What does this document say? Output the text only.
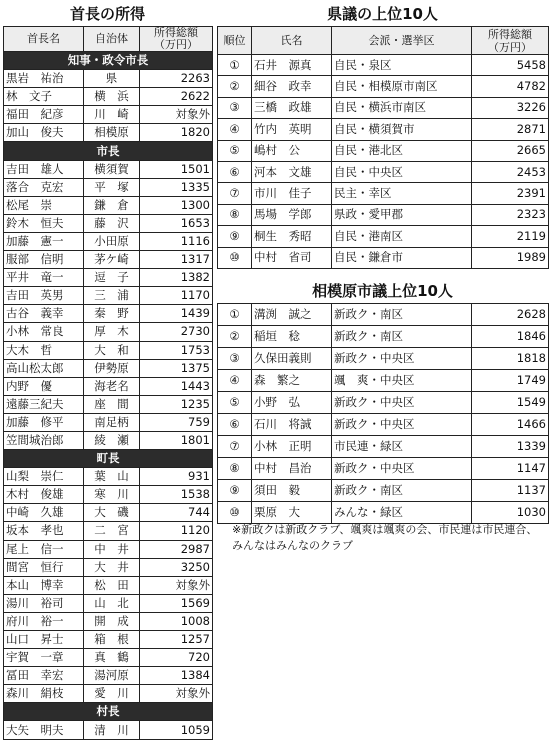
首長の所得
首長名	自治体	所得総額
（万円）
知事・政令市長		
黒岩　祐治	県	2263
林　文子	横　浜	2622
福田　紀彦	川　崎	対象外
加山　俊夫	相模原	1820
市長		
吉田　雄人	横須賀	1501
落合　克宏	平　塚	1335
松尾　崇	鎌　倉	1300
鈴木　恒夫	藤　沢	1653
加藤　憲一	小田原	1116
服部　信明	茅ケ崎	1317
平井　竜一	逗　子	1382
吉田　英男	三　浦	1170
古谷　義幸	秦　野	1439
小林　常良	厚　木	2730
大木　哲	大　和	1753
高山松太郎	伊勢原	1375
内野　優	海老名	1443
遠藤三紀夫	座　間	1235
加藤　修平	南足柄	759
笠間城治郎	綾　瀬	1801
町長		
山梨　崇仁	葉　山	931
木村　俊雄	寒　川	1538
中崎　久雄	大　磯	744
坂本　孝也	二　宮	1120
尾上　信一	中　井	2987
間宮　恒行	大　井	3250
本山　博幸	松　田	対象外
湯川　裕司	山　北	1569
府川　裕一	開　成	1008
山口　昇士	箱　根	1257
宇賀　一章	真　鶴	720
冨田　幸宏	湯河原	1384
森川　絹枝	愛　川	対象外
村長		
大矢　明夫	清　川	1059
県議の上位10人
順位	氏名	会派・選挙区	所得総額
（万円）
①	石井　源真	自民・泉区	5458
②	細谷　政幸	自民・相模原市南区	4782
③	三橋　政雄	自民・横浜市南区	3226
④	竹内　英明	自民・横須賀市	2871
⑤	嶋村　公	自民・港北区	2665
⑥	河本　文雄	自民・中央区	2453
⑦	市川　佳子	民主・幸区	2391
⑧	馬場　学郎	県政・愛甲郡	2323
⑨	桐生　秀昭	自民・港南区	2119
⑩	中村　省司	自民・鎌倉市	1989
相模原市議上位10人
①	溝渕　誠之	新政ク・南区	2628
②	稲垣　稔	新政ク・南区	1846
③	久保田義則	新政ク・中央区	1818
④	森　繁之	颯　爽・中央区	1749
⑤	小野　弘	新政ク・中央区	1549
⑥	石川　将誠	新政ク・中央区	1466
⑦	小林　正明	市民連・緑区	1339
⑧	中村　昌治	新政ク・中央区	1147
⑨	須田　毅	新政ク・南区	1137
⑩	栗原　大	みんな・緑区	1030
※新政クは新政クラブ、颯爽は颯爽の会、市民連は市民連合、みんなはみんなのクラブ
